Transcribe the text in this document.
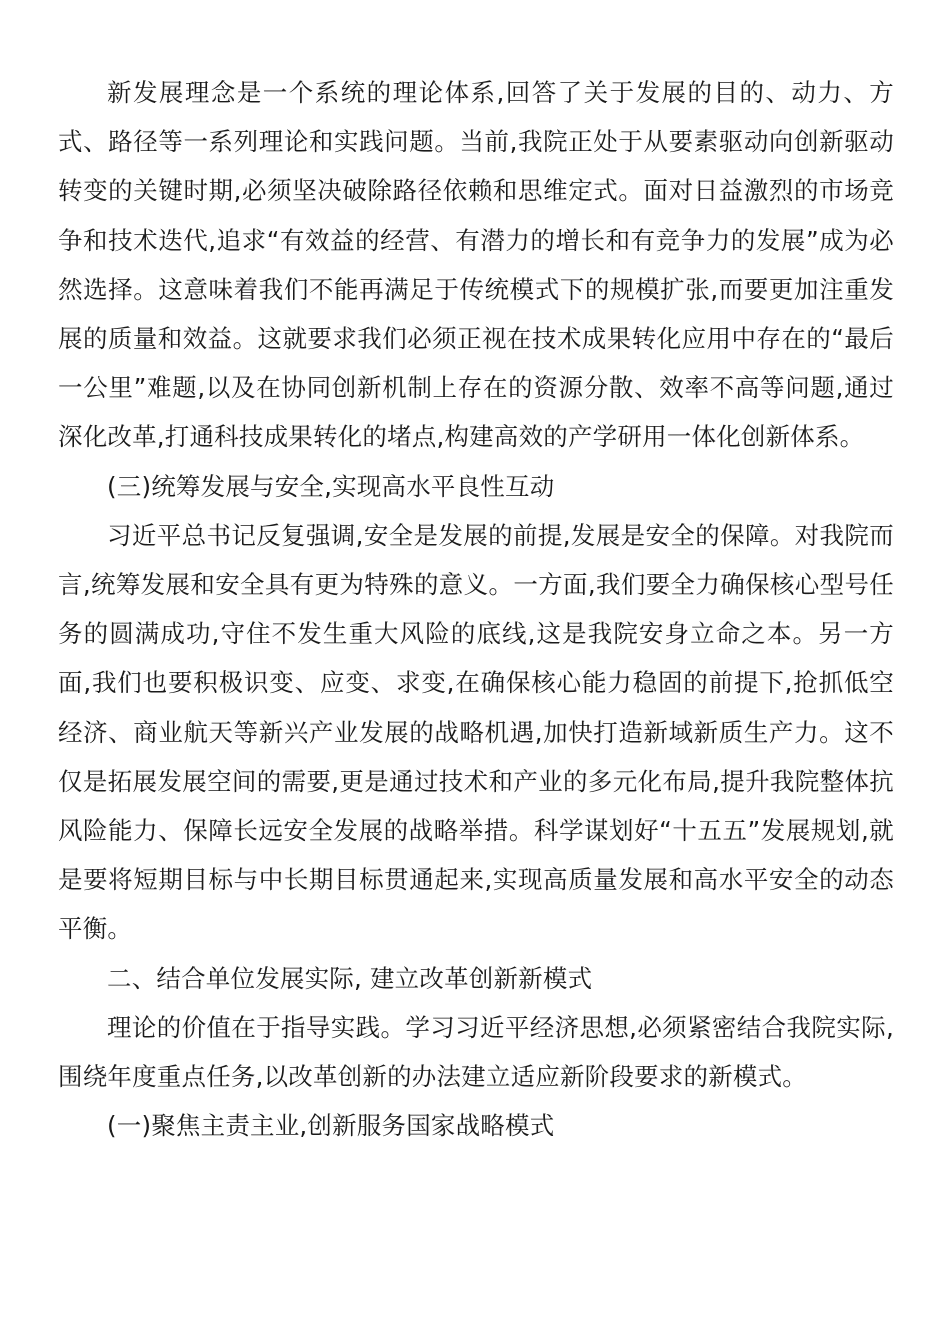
新发展理念是一个系统的理论体系,回答了关于发展的目的、动力、方式、路径等一系列理论和实践问题。当前,我院正处于从要素驱动向创新驱动转变的关键时期,必须坚决破除路径依赖和思维定式。面对日益激烈的市场竞争和技术迭代,追求“有效益的经营、有潜力的增长和有竞争力的发展”成为必然选择。这意味着我们不能再满足于传统模式下的规模扩张,而要更加注重发展的质量和效益。这就要求我们必须正视在技术成果转化应用中存在的“最后一公里”难题,以及在协同创新机制上存在的资源分散、效率不高等问题,通过深化改革,打通科技成果转化的堵点,构建高效的产学研用一体化创新体系。

(三)统筹发展与安全,实现高水平良性互动

习近平总书记反复强调,安全是发展的前提,发展是安全的保障。对我院而言,统筹发展和安全具有更为特殊的意义。一方面,我们要全力确保核心型号任务的圆满成功,守住不发生重大风险的底线,这是我院安身立命之本。另一方面,我们也要积极识变、应变、求变,在确保核心能力稳固的前提下,抢抓低空经济、商业航天等新兴产业发展的战略机遇,加快打造新域新质生产力。这不仅是拓展发展空间的需要,更是通过技术和产业的多元化布局,提升我院整体抗风险能力、保障长远安全发展的战略举措。科学谋划好“十五五”发展规划,就是要将短期目标与中长期目标贯通起来,实现高质量发展和高水平安全的动态平衡。

二、结合单位发展实际, 建立改革创新新模式

理论的价值在于指导实践。学习习近平经济思想,必须紧密结合我院实际,围绕年度重点任务,以改革创新的办法建立适应新阶段要求的新模式。

(一)聚焦主责主业,创新服务国家战略模式
